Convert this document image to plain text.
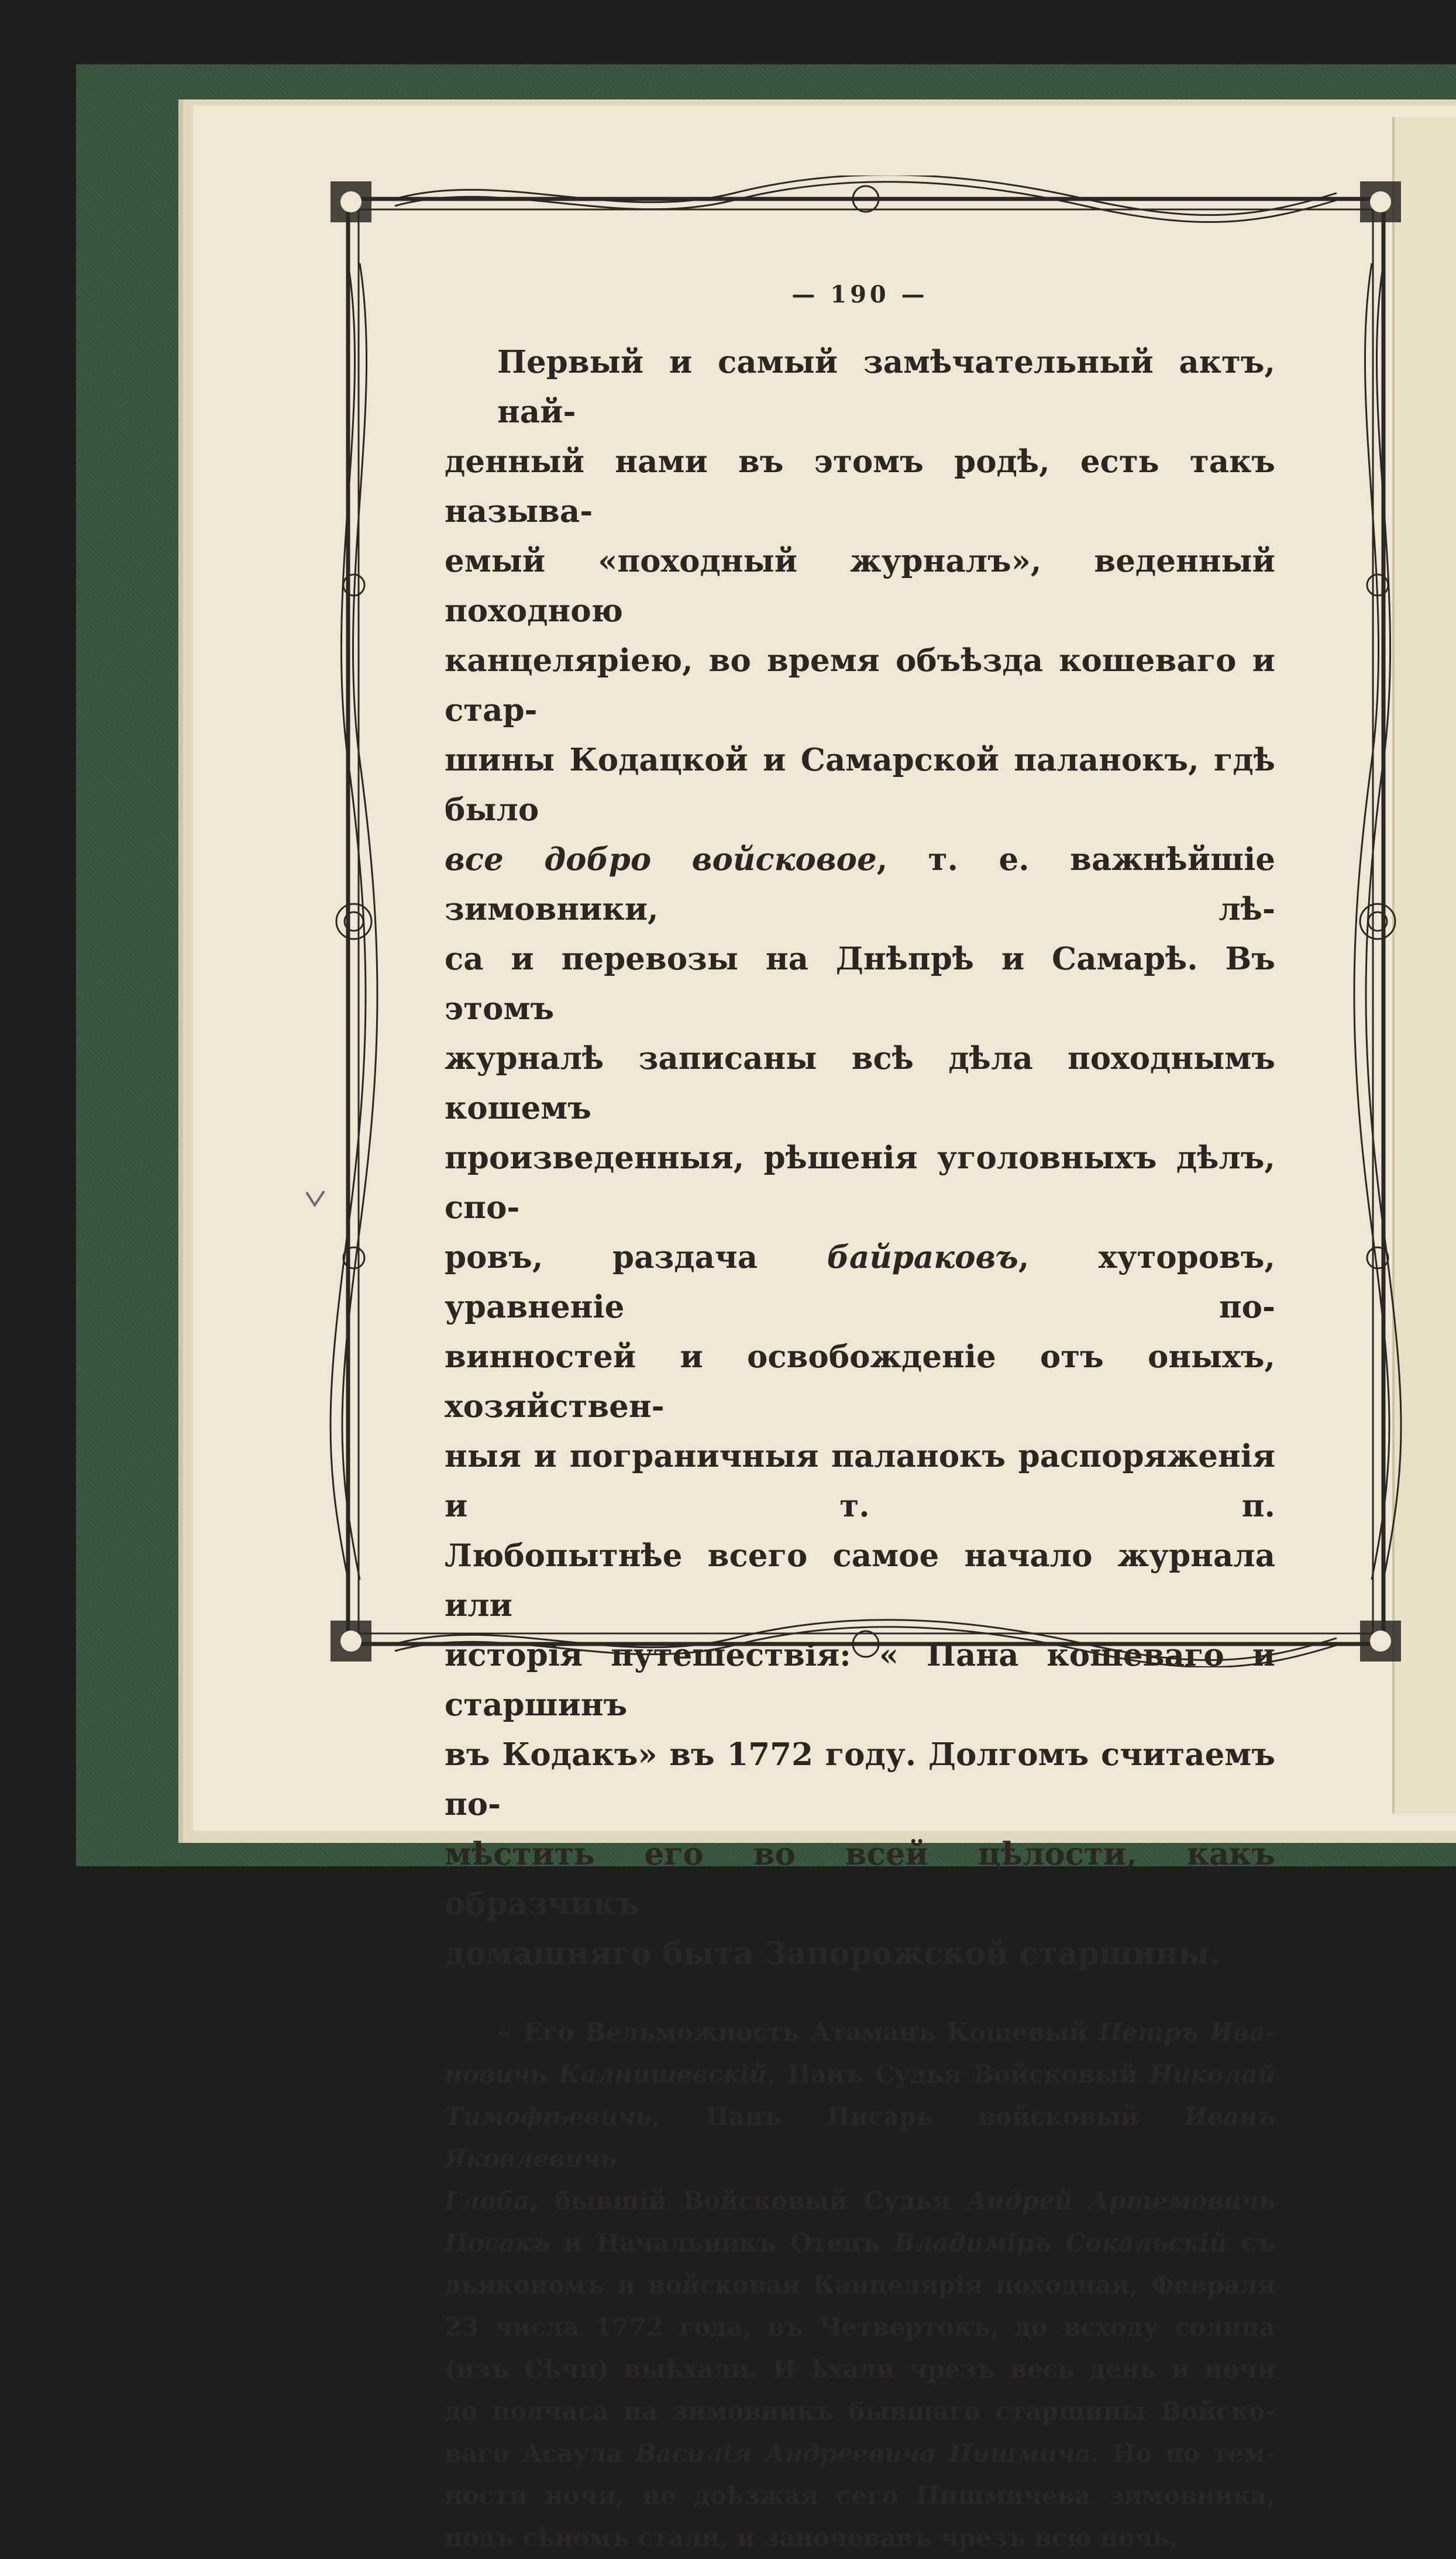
— 190 —
Первый и самый замѣчательный актъ, най-
денный нами въ этомъ родѣ, есть такъ называ-
емый «походный журналъ», веденный походною
канцеляріею, во время объѣзда кошеваго и стар-
шины Кодацкой и Самарской паланокъ, гдѣ было
все добро войсковое, т. е. важнѣйшіе зимовники, лѣ-
са и перевозы на Днѣпрѣ и Самарѣ. Въ этомъ
журналѣ записаны всѣ дѣла походнымъ кошемъ
произведенныя, рѣшенія уголовныхъ дѣлъ, спо-
ровъ, раздача байраковъ, хуторовъ, уравненіе по-
винностей и освобожденіе отъ оныхъ, хозяйствен-
ныя и пограничныя паланокъ распоряженія и т. п.
Любопытнѣе всего самое начало журнала или
исторія путешествія: « Пана кошеваго и старшинъ
въ Кодакъ» въ 1772 году. Долгомъ считаемъ по-
мѣстить его во всей цѣлости, какъ образчикъ
домашняго быта Запорожской старшины.
« Его Вельможность Атаманъ Кошевый Петръ Ива-
новичь Калнишевскій, Панъ Судья Войсковый Николай
Тимофѣевичь, Панъ Писарь войсковый Иванъ Яковлевичь
Глоба, бывшій Войсковый Судья Андрей Артемовичь
Посакъ и Начальникъ Отецъ Владиміръ Сокальскій съ
дьякономъ и войсковая Канцелярія походная, Февраля
23 числа 1772 года, въ Четвертокъ, до всходу солнца
(изъ Сѣчи) выѣхали. И ѣхали чрезъ весь день и ночи
до полчаса на зимовникъ бывшаго старшины Войско-
ваго Асаула Василія Андреевича Пишмича. Но по тем-
ности ночи, не доѣзжая сего Пишмичева зимовника,
подъ сѣномъ стали, и заночевавъ чрезъ всю ночь,
